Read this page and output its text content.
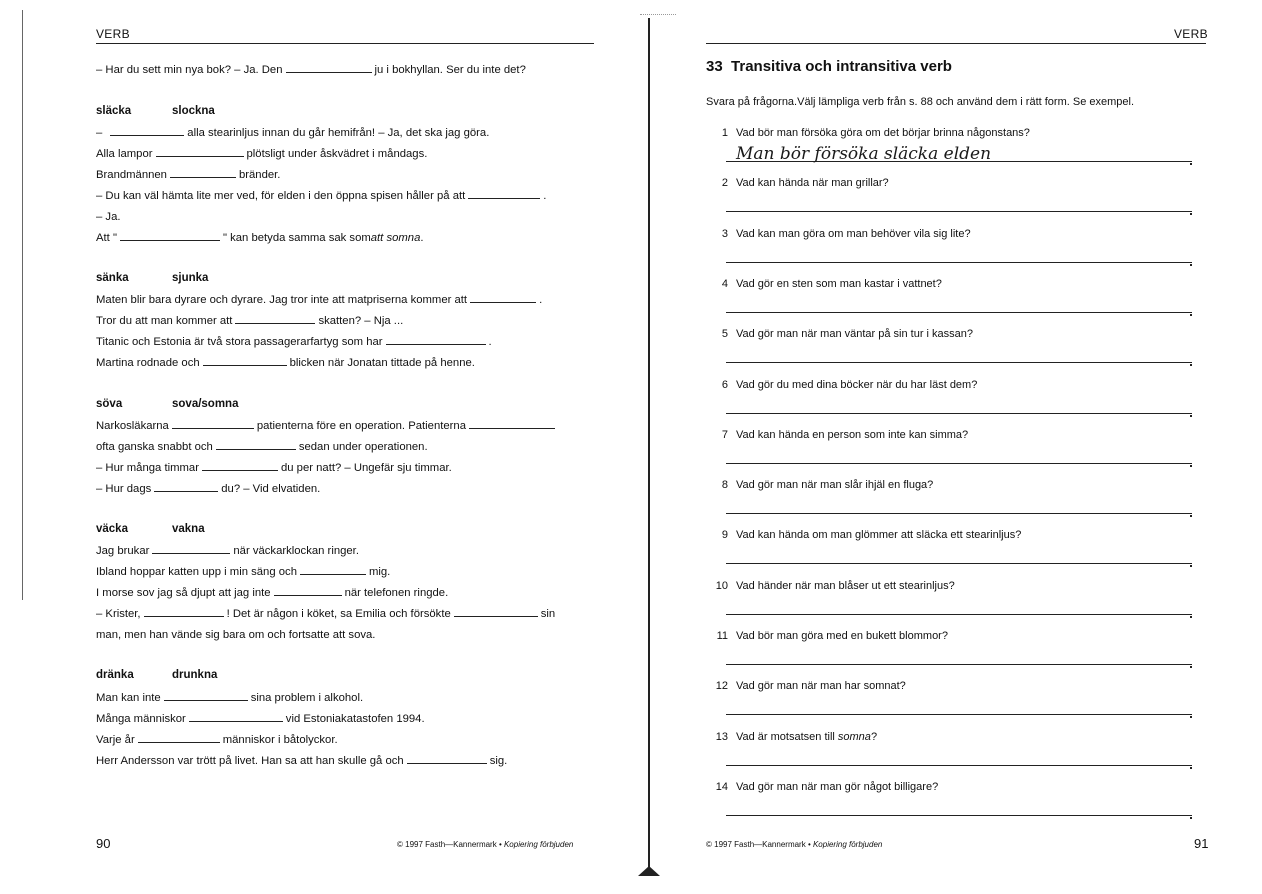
VERB
– Har du sett min nya bok? – Ja. Den	ju i bokhyllan. Ser du inte det?
släcka	slockna
–	alla stearinljus innan du går hemifrån! – Ja, det ska jag göra.
Alla lampor	plötsligt under åskvädret i måndags.
Brandmännen	bränder.
– Du kan väl hämta lite mer ved, för elden i den öppna spisen håller på att	.
– Ja.
Att "	" kan betyda samma sak somatt somna.
sänka	sjunka
Maten blir bara dyrare och dyrare. Jag tror inte att matpriserna kommer att	.
Tror du att man kommer att	skatten? – Nja ...
Titanic och Estonia är två stora passagerarfartyg som har	.
Martina rodnade och	blicken när Jonatan tittade på henne.
söva	sova/somna
Narkosläkarna	patienterna före en operation. Patienterna
ofta ganska snabbt och	sedan under operationen.
– Hur många timmar	du per natt? – Ungefär sju timmar.
– Hur dags	du? – Vid elvatiden.
väcka	vakna
Jag brukar	när väckarklockan ringer.
Ibland hoppar katten upp i min säng och	mig.
I morse sov jag så djupt att jag inte	när telefonen ringde.
– Krister,	! Det är någon i köket, sa Emilia och försökte	sin
man, men han vände sig bara om och fortsatte att sova.
dränka	drunkna
Man kan inte	sina problem i alkohol.
Många människor	vid Estoniakatastofen 1994.
Varje år	människor i båtolyckor.
Herr Andersson var trött på livet. Han sa att han skulle gå och	sig.
90	© 1997 Fasth—Kannermark • Kopiering förbjuden
VERB
33 Transitiva och intransitiva verb
Svara på frågorna.Välj lämpliga verb från s. 88 och använd dem i rätt form. Se exempel.
1 Vad bör man försöka göra om det börjar brinna någonstans?
2 Vad kan hända när man grillar?
3 Vad kan man göra om man behöver vila sig lite?
4 Vad gör en sten som man kastar i vattnet?
5 Vad gör man när man väntar på sin tur i kassan?
6 Vad gör du med dina böcker när du har läst dem?
7 Vad kan hända en person som inte kan simma?
8 Vad gör man när man slår ihjäl en fluga?
9 Vad kan hända om man glömmer att släcka ett stearinljus?
10 Vad händer när man blåser ut ett stearinljus?
11 Vad bör man göra med en bukett blommor?
12 Vad gör man när man har somnat?
13 Vad är motsatsen till somna?
14 Vad gör man när man gör något billigare?
Man bör försöka släcka elden
© 1997 Fasth—Kannermark • Kopiering förbjuden	91
